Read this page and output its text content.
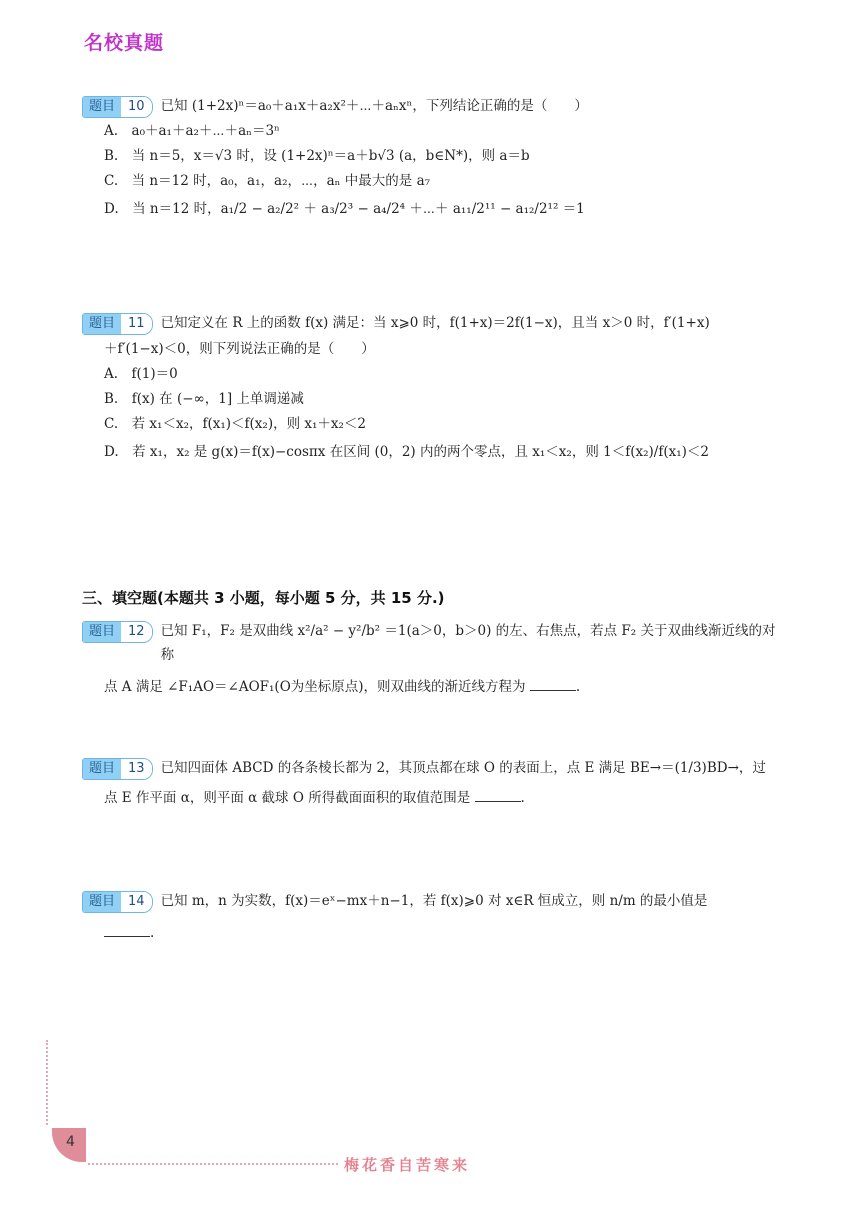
名校真题
题目	10	已知 (1+2x)ⁿ＝a₀＋a₁x＋a₂x²＋⋯＋aₙxⁿ，下列结论正确的是（　　）
A.　a₀＋a₁＋a₂＋⋯＋aₙ＝3ⁿ
B.　当 n＝5，x＝√3 时，设 (1+2x)ⁿ＝a＋b√3 (a，b∈N*)，则 a＝b
C.　当 n＝12 时，a₀，a₁，a₂，⋯，aₙ 中最大的是 a₇
D.　当 n＝12 时，a₁/2 − a₂/2² ＋ a₃/2³ − a₄/2⁴ ＋⋯＋ a₁₁/2¹¹ − a₁₂/2¹² ＝1
题目	11	已知定义在 R 上的函数 f(x) 满足：当 x⩾0 时，f(1+x)＝2f(1−x)，且当 x＞0 时，f′(1+x)
＋f′(1−x)＜0，则下列说法正确的是（　　）
A.　f(1)＝0
B.　f(x) 在 (−∞，1] 上单调递减
C.　若 x₁＜x₂，f(x₁)＜f(x₂)，则 x₁＋x₂＜2
D.　若 x₁，x₂ 是 g(x)＝f(x)−cosπx 在区间 (0，2) 内的两个零点，且 x₁＜x₂，则 1＜f(x₂)/f(x₁)＜2
三、填空题(本题共 3 小题，每小题 5 分，共 15 分.)
题目	12	已知 F₁，F₂ 是双曲线 x²/a² − y²/b² ＝1(a＞0，b＞0) 的左、右焦点，若点 F₂ 关于双曲线渐近线的对称
点 A 满足 ∠F₁AO＝∠AOF₁(O为坐标原点)，则双曲线的渐近线方程为	.
题目	13	已知四面体 ABCD 的各条棱长都为 2，其顶点都在球 O 的表面上，点 E 满足 BE→＝(1/3)BD→，过
点 E 作平面 α，则平面 α 截球 O 所得截面面积的取值范围是	.
题目	14	已知 m，n 为实数，f(x)＝eˣ−mx＋n−1，若 f(x)⩾0 对 x∈R 恒成立，则 n/m 的最小值是
.
4
梅花香自苦寒来
